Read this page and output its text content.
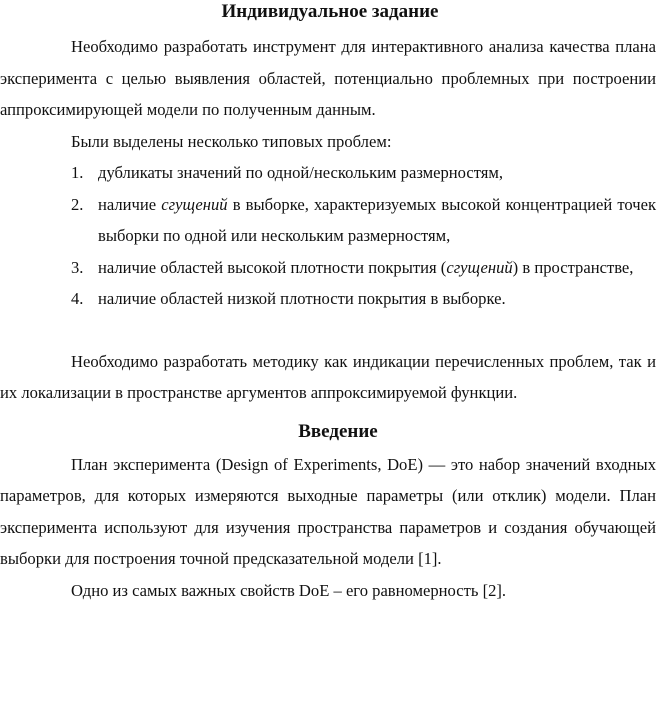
Индивидуальное задание

Необходимо разработать инструмент для интерактивного анализа качества плана эксперимента с целью выявления областей, потенциально проблемных при построении аппроксимирующей модели по полученным данным.

Были выделены несколько типовых проблем:

1. дубликаты значений по одной/нескольким размерностям,
2. наличие сгущений в выборке, характеризуемых высокой концентрацией точек выборки по одной или нескольким размерностям,
3. наличие областей высокой плотности покрытия (сгущений) в пространстве,
4. наличие областей низкой плотности покрытия в выборке.

Необходимо разработать методику как индикации перечисленных проблем, так и их локализации в пространстве аргументов аппроксимируемой функции.

Введение

План эксперимента (Design of Experiments, DoE) — это набор значений входных параметров, для которых измеряются выходные параметры (или отклик) модели. План эксперимента используют для изучения пространства параметров и создания обучающей выборки для построения точной предсказательной модели [1].

Одно из самых важных свойств DoE – его равномерность [2].
